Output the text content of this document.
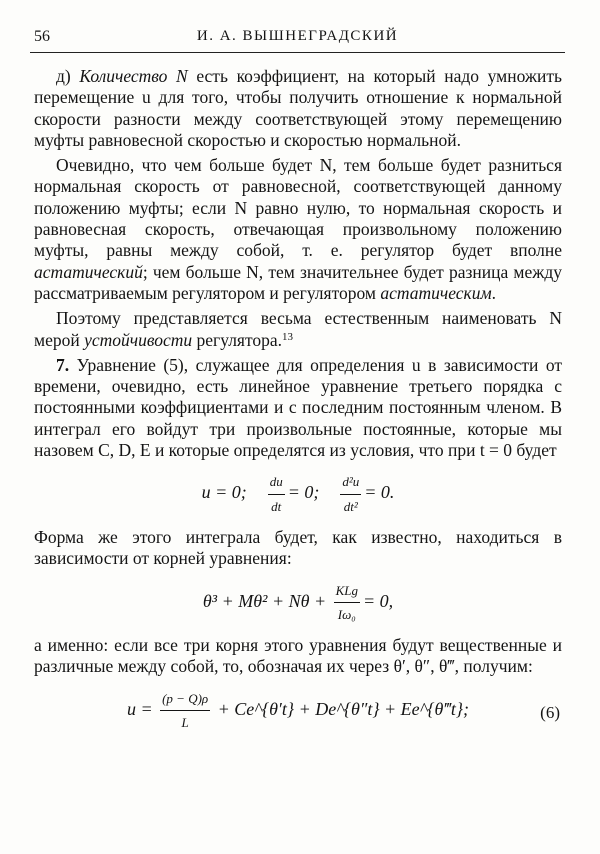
56	И. А. ВЫШНЕГРАДСКИЙ

д) Количество N есть коэффициент, на который надо умножить перемещение u для того, чтобы получить отношение к нормальной скорости разности между соответствующей этому перемещению муфты равновесной скоростью и скоростью нормальной.

Очевидно, что чем больше будет N, тем больше будет разниться нормальная скорость от равновесной, соответствующей данному положению муфты; если N равно нулю, то нормальная скорость и равновесная скорость, отвечающая произвольному положению муфты, равны между собой, т. е. регулятор будет вполне астатический; чем больше N, тем значительнее будет разница между рассматриваемым регулятором и регулятором астатическим.

Поэтому представляется весьма естественным наименовать N мерой устойчивости регулятора.$^{13}$

7. Уравнение (5), служащее для определения u в зависимости от времени, очевидно, есть линейное уравнение третьего порядка с постоянными коэффициентами и с последним постоянным членом. В интеграл его войдут три произвольные постоянные, которые мы назовем C, D, E и которые определятся из условия, что при t = 0 будет

u = 0; $\frac{du}{dt} = 0$; $\frac{\text{d²u}}{\text{dt²}} = 0$.

Форма же этого интеграла будет, как известно, находиться в зависимости от корней уравнения:

$\theta^3 + M\theta^2 + N\theta + \frac{\text{KLg}}{\text{Iω₀}} = 0$,

а именно: если все три корня этого уравнения будут вещественные и различные между собой, то, обозначая их через θ′, θ″, θ‴, получим:

$u = \frac{(p - Q)\rho}{L}$ + Ce^{θ′t} + De^{θ″t} + Ee^{θ‴t};	(6)
